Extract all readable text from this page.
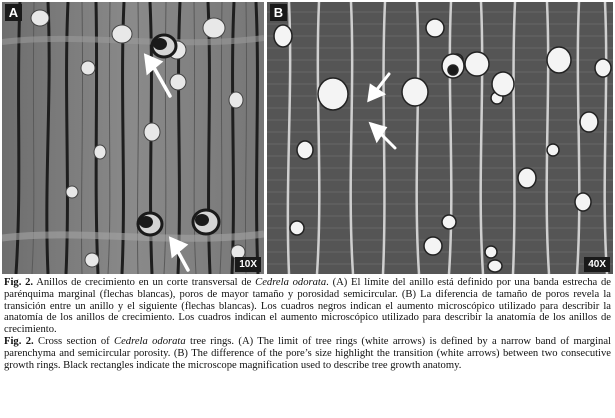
A
10X
B
40X

Fig. 2. Anillos de crecimiento en un corte transversal de Cedrela odorata. (A) El límite del anillo está definido por una banda estrecha de parénquima marginal (flechas blancas), poros de mayor tamaño y porosidad semicircular. (B) La diferencia de tamaño de poros revela la transición entre un anillo y el siguiente (flechas blancas). Los cuadros negros indican el aumento microscópico utilizado para describir la anatomía de los anillos de crecimiento. Los cuadros indican el aumento microscópico utilizado para describir la anatomía de los anillos de crecimiento.

Fig. 2. Cross section of Cedrela odorata tree rings. (A) The limit of tree rings (white arrows) is defined by a narrow band of marginal parenchyma and semicircular porosity. (B) The difference of the pore’s size highlight the transition (white arrows) between two consecutive growth rings. Black rectangles indicate the microscope magnification used to describe tree growth anatomy.
